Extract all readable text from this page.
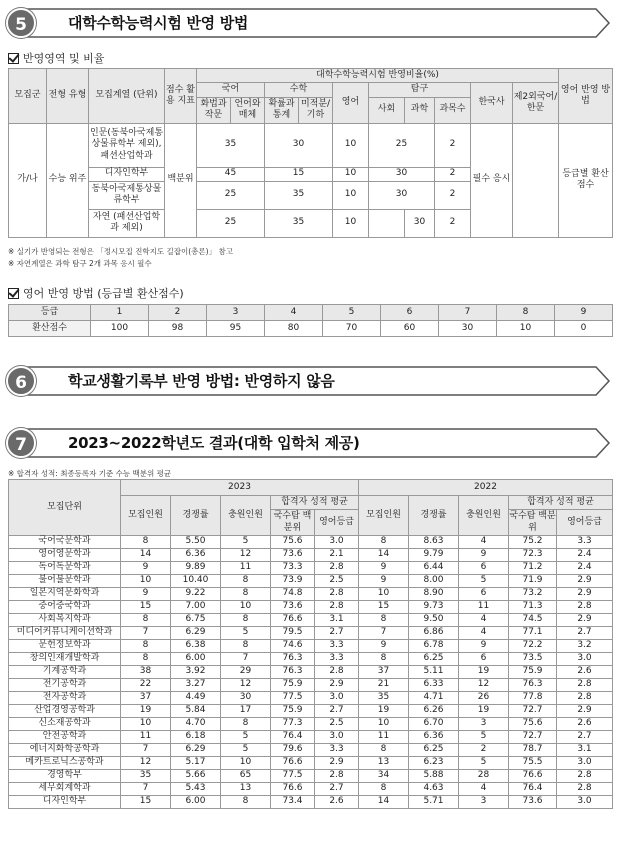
5	대학수학능력시험 반영 방법
반영영역 및 비율
모집군	전형 유형	모집계열 (단위)	점수 활용 지표	대학수학능력시험 반영비율(%)										영어 반영 방법
				국어		수학		영어	탐구			한국사	제2외국어/한문	
				화법과 작문	언어와 매체	확률과 통계	미적분/ 기하		사회	과학	과목수			
가/나	수능 위주	인문(동북아국제통상물류학부 제외), 패션산업학과	백분위	35		30		10	25		2	필수 응시		등급별 환산 점수
		디자인학부		45		15		10	30		2			
		동북아국제통상물류학부		25		35		10	30		2			
		자연 (패션산업학과 제외)		25		35		10		30	2			
※ 실기가 반영되는 전형은 「정시모집 진학지도 길잡이(총론)」 참고
※ 자연계열은 과학 탐구 2개 과목 응시 필수
영어 반영 방법 (등급별 환산점수)
등급	1	2	3	4	5	6	7	8	9
환산점수	100	98	95	80	70	60	30	10	0
6	학교생활기록부 반영 방법: 반영하지 않음
7	2023~2022학년도 결과(대학 입학처 제공)
※ 합격자 성적: 최종등록자 기준 수능 백분위 평균
모집단위	2023					2022				
	모집인원	경쟁률	충원인원	합격자 성적 평균		모집인원	경쟁률	충원인원	합격자 성적 평균	
				국수탐 백분위	영어등급				국수탐 백분위	영어등급
국어국문학과	8	5.50	5	75.6	3.0	8	8.63	4	75.2	3.3
영어영문학과	14	6.36	12	73.6	2.1	14	9.79	9	72.3	2.4
독어독문학과	9	9.89	11	73.3	2.8	9	6.44	6	71.2	2.4
불어불문학과	10	10.40	8	73.9	2.5	9	8.00	5	71.9	2.9
일본지역문화학과	9	9.22	8	74.8	2.8	10	8.90	6	73.2	2.9
중어중국학과	15	7.00	10	73.6	2.8	15	9.73	11	71.3	2.8
사회복지학과	8	6.75	8	76.6	3.1	8	9.50	4	74.5	2.9
미디어커뮤니케이션학과	7	6.29	5	79.5	2.7	7	6.86	4	77.1	2.7
문헌정보학과	8	6.38	8	74.6	3.3	9	6.78	9	72.2	3.2
창의인재개발학과	8	6.00	7	76.3	3.3	8	6.25	6	73.5	3.0
기계공학과	38	3.92	29	76.3	2.8	37	5.11	19	75.9	2.6
전기공학과	22	3.27	12	75.9	2.9	21	6.33	12	76.3	2.8
전자공학과	37	4.49	30	77.5	3.0	35	4.71	26	77.8	2.8
산업경영공학과	19	5.84	17	75.9	2.7	19	6.26	19	72.7	2.9
신소재공학과	10	4.70	8	77.3	2.5	10	6.70	3	75.6	2.6
안전공학과	11	6.18	5	76.4	3.0	11	6.36	5	72.7	2.7
에너지화학공학과	7	6.29	5	79.6	3.3	8	6.25	2	78.7	3.1
메카트로닉스공학과	12	5.17	10	76.6	2.9	13	6.23	5	75.5	3.0
경영학부	35	5.66	65	77.5	2.8	34	5.88	28	76.6	2.8
세무회계학과	7	5.43	13	76.6	2.7	8	4.63	4	76.4	2.8
디자인학부	15	6.00	8	73.4	2.6	14	5.71	3	73.6	3.0
